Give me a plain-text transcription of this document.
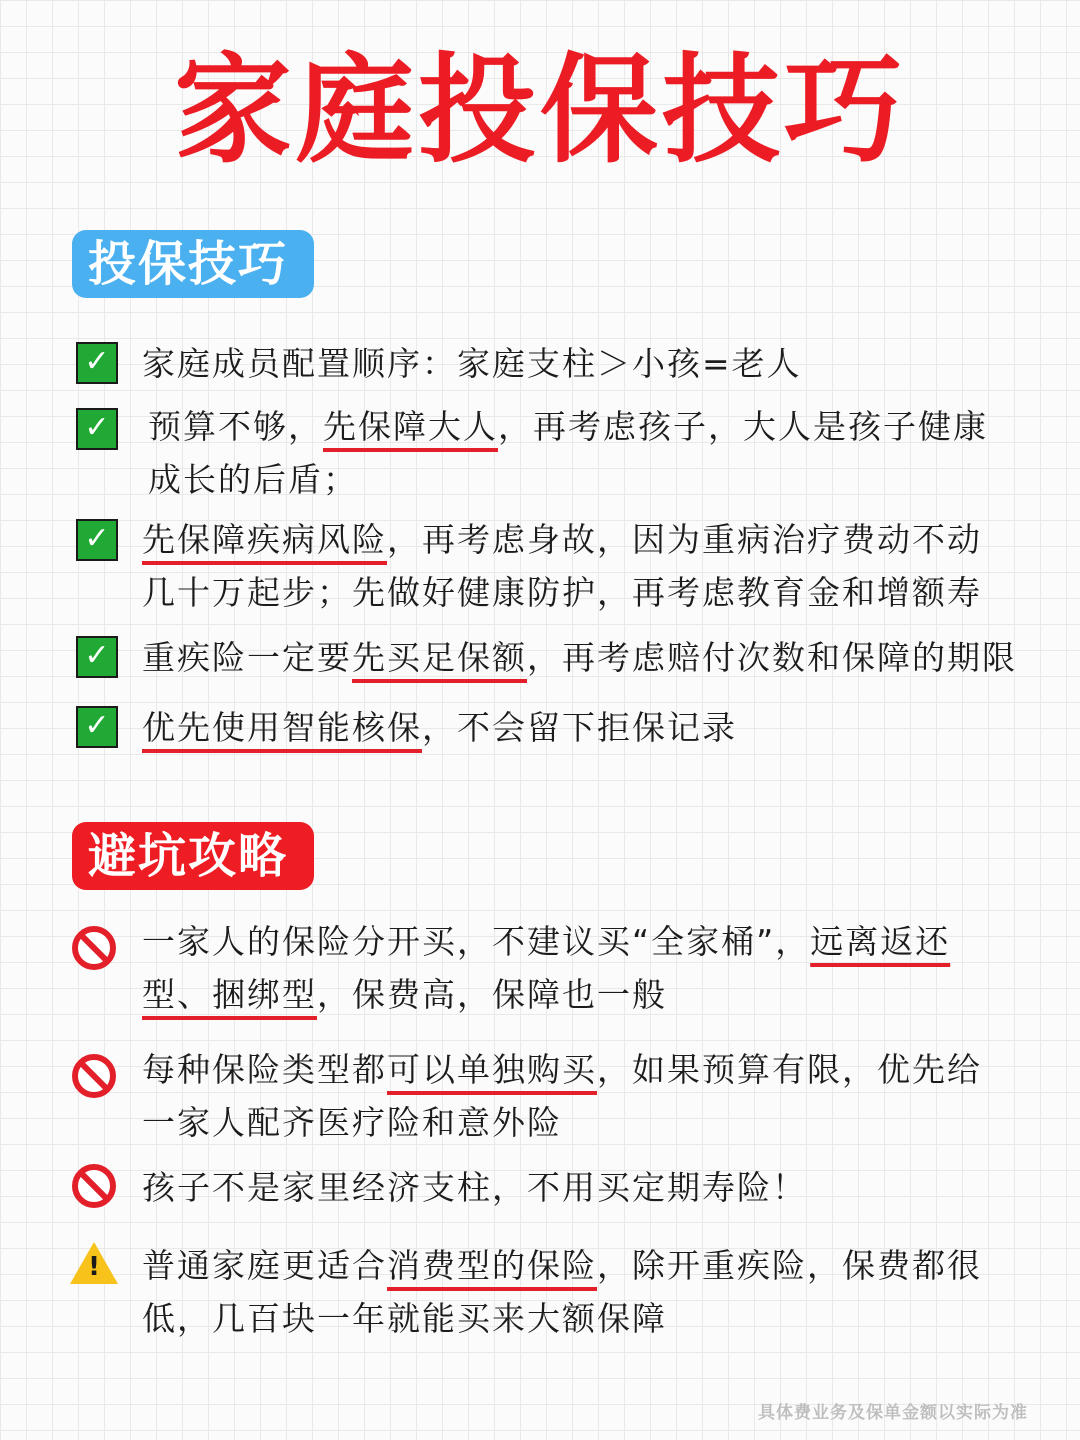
家庭投保技巧
投保技巧
✓ 家庭成员配置顺序：家庭支柱＞小孩=老人
✓ 预算不够，先保障大人，再考虑孩子，大人是孩子健康成长的后盾；
✓ 先保障疾病风险，再考虑身故，因为重病治疗费动不动几十万起步；先做好健康防护，再考虑教育金和增额寿
✓ 重疾险一定要先买足保额，再考虑赔付次数和保障的期限
✓ 优先使用智能核保，不会留下拒保记录
避坑攻略
一家人的保险分开买，不建议买“全家桶”，远离返还型、捆绑型，保费高，保障也一般
每种保险类型都可以单独购买，如果预算有限，优先给一家人配齐医疗险和意外险
孩子不是家里经济支柱，不用买定期寿险！
! 普通家庭更适合消费型的保险，除开重疾险，保费都很低，几百块一年就能买来大额保障
具体费业务及保单金额以实际为准
